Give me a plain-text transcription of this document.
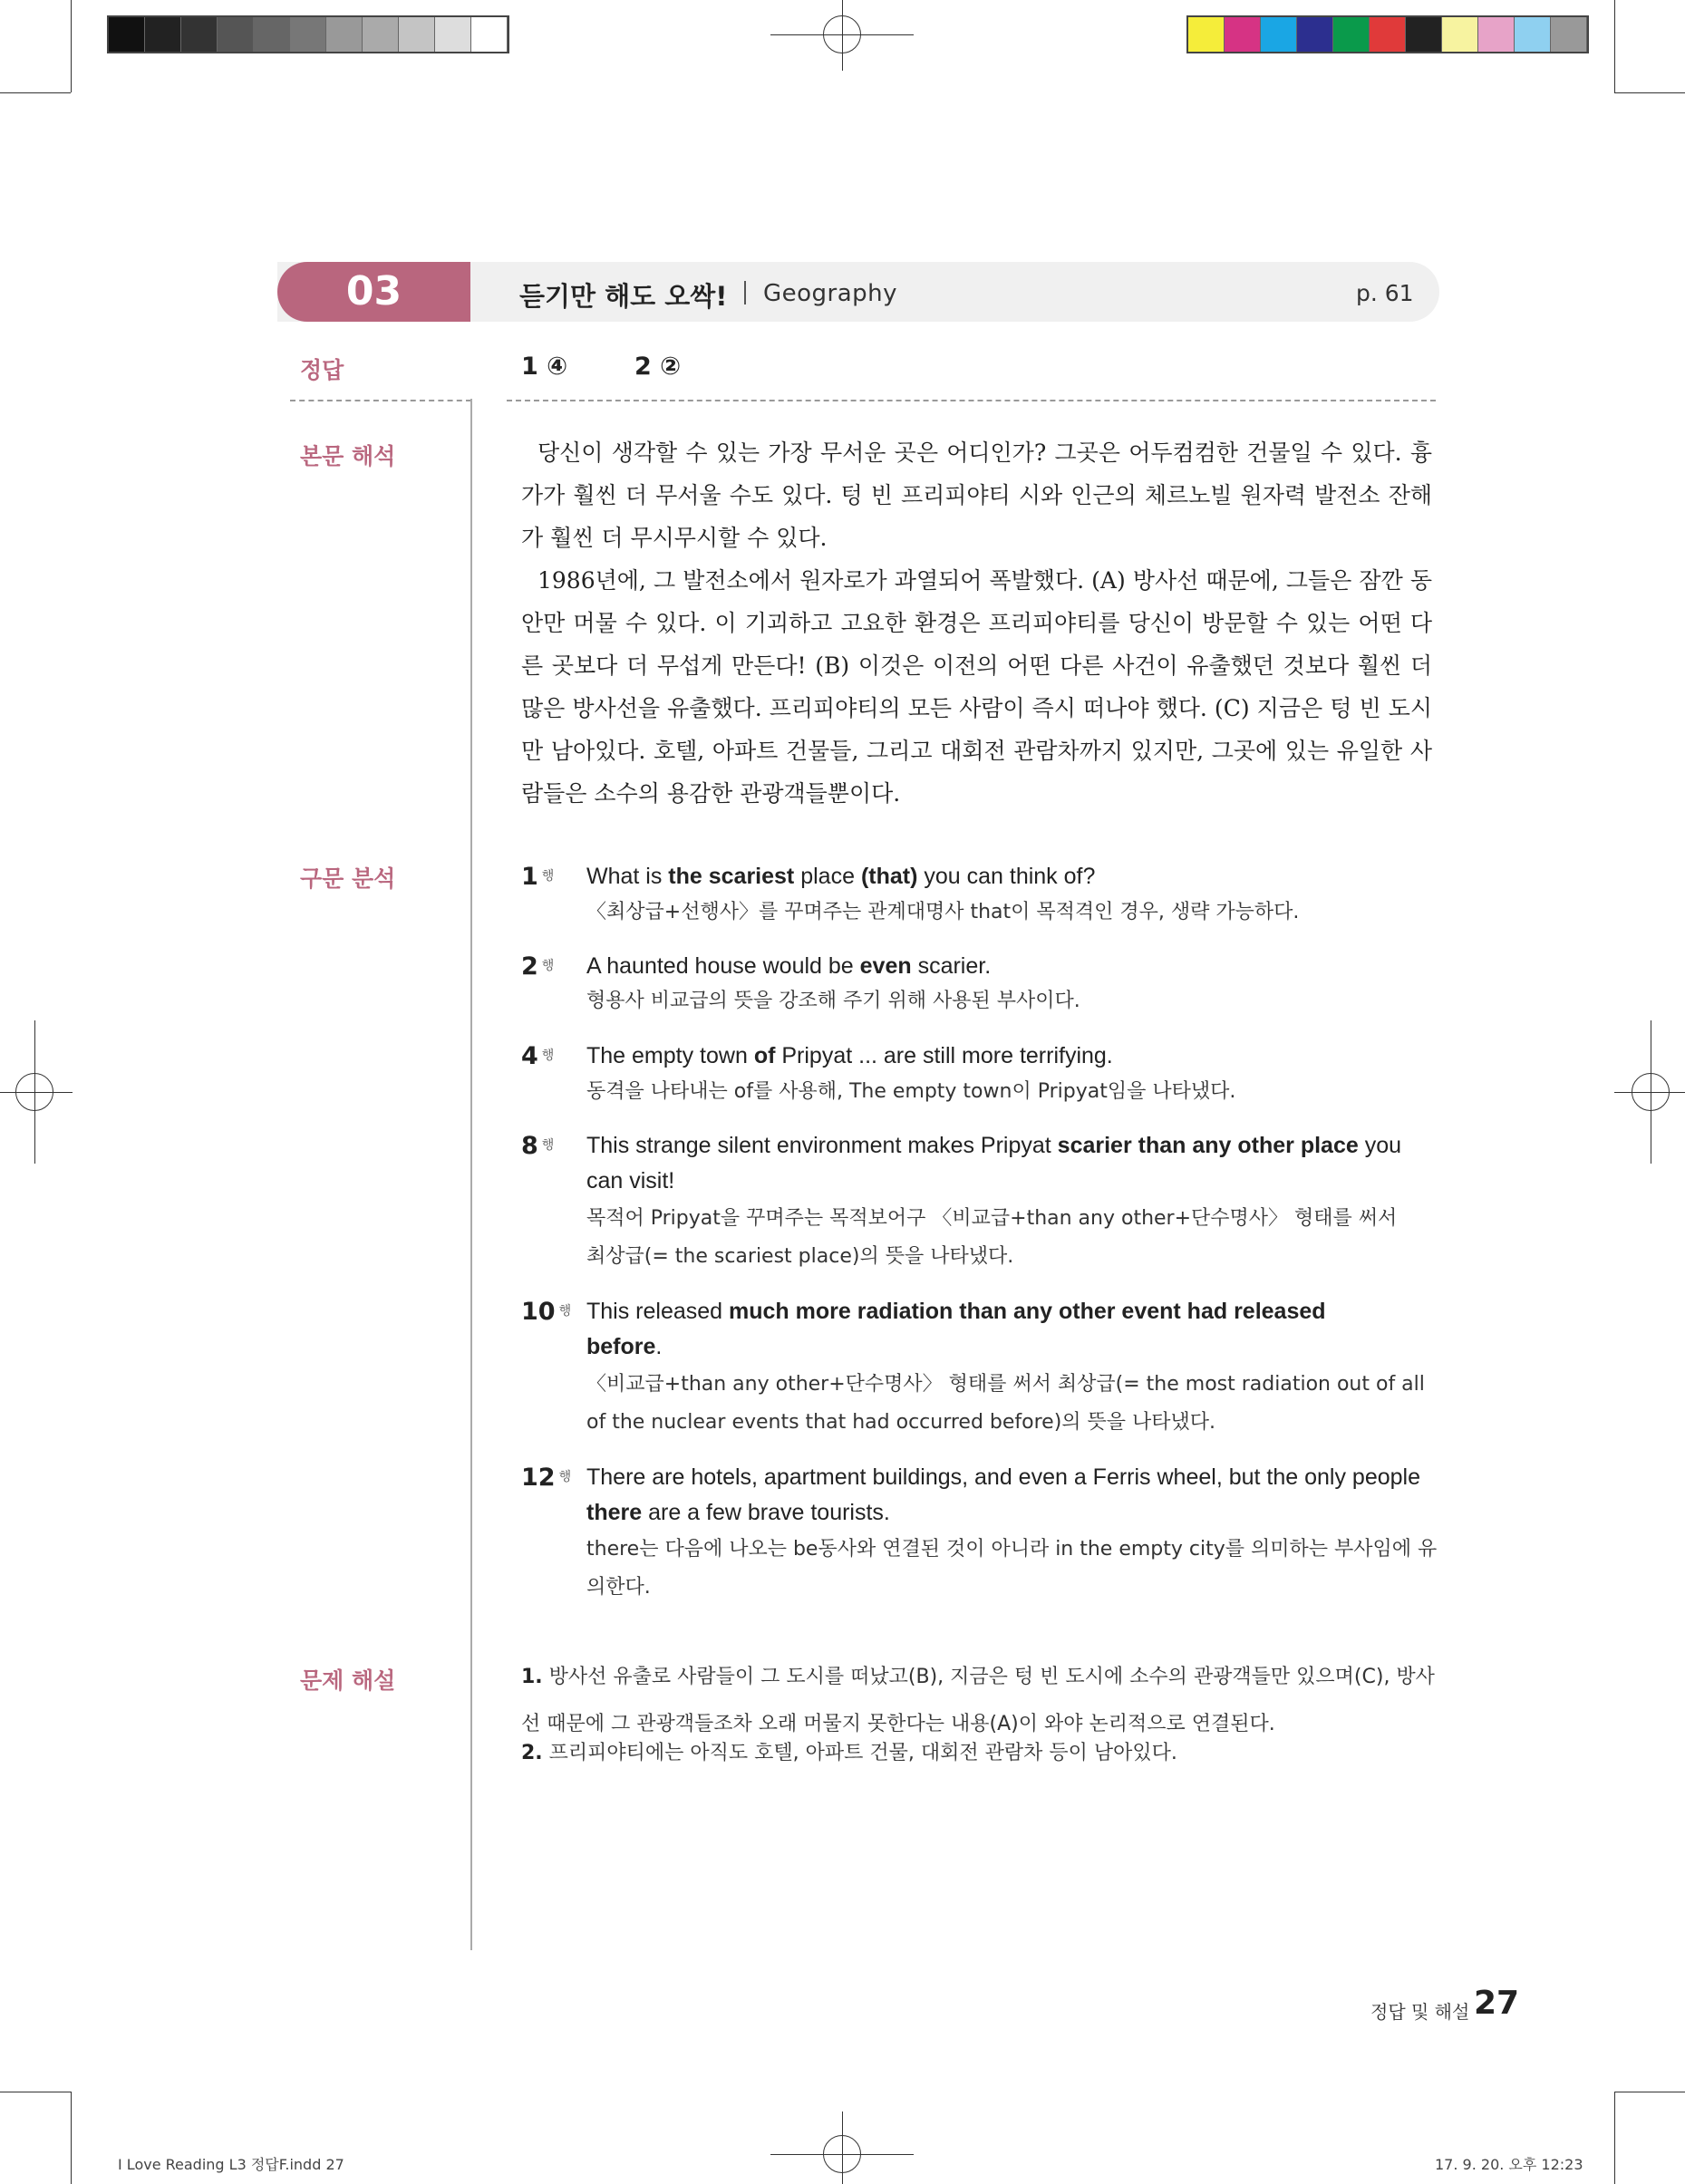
03	듣기만 해도 오싹! Geography	p. 61
정답
본문 해석
구문 분석
문제 해설
1 ④	2 ②

당신이 생각할 수 있는 가장 무서운 곳은 어디인가? 그곳은 어두컴컴한 건물일 수 있다. 흉가가 훨씬 더 무서울 수도 있다. 텅 빈 프리피야티 시와 인근의 체르노빌 원자력 발전소 잔해가 훨씬 더 무시무시할 수 있다.

1986년에, 그 발전소에서 원자로가 과열되어 폭발했다. (A) 방사선 때문에, 그들은 잠깐 동안만 머물 수 있다. 이 기괴하고 고요한 환경은 프리피야티를 당신이 방문할 수 있는 어떤 다른 곳보다 더 무섭게 만든다! (B) 이것은 이전의 어떤 다른 사건이 유출했던 것보다 훨씬 더 많은 방사선을 유출했다. 프리피야티의 모든 사람이 즉시 떠나야 했다. (C) 지금은 텅 빈 도시만 남아있다. 호텔, 아파트 건물들, 그리고 대회전 관람차까지 있지만, 그곳에 있는 유일한 사람들은 소수의 용감한 관광객들뿐이다.

1 $^행$ What is the scariest place (that) you can think of?
〈최상급+선행사〉를 꾸며주는 관계대명사 that이 목적격인 경우, 생략 가능하다.
2 $^행$ A haunted house would be even scarier.
형용사 비교급의 뜻을 강조해 주기 위해 사용된 부사이다.
4 $^행$ The empty town of Pripyat ... are still more terrifying.
동격을 나타내는 of를 사용해, The empty town이 Pripyat임을 나타냈다.
8 $^행$ This strange silent environment makes Pripyat scarier than any other place you can visit!
목적어 Pripyat을 꾸며주는 목적보어구 〈비교급+than any other+단수명사〉 형태를 써서 최상급(= the scariest place)의 뜻을 나타냈다.
10 $^행$ This released much more radiation than any other event had released before.
〈비교급+than any other+단수명사〉 형태를 써서 최상급(= the most radiation out of all of the nuclear events that had occurred before)의 뜻을 나타냈다.
12 $^행$ There are hotels, apartment buildings, and even a Ferris wheel, but the only people there are a few brave tourists.
there는 다음에 나오는 be동사와 연결된 것이 아니라 in the empty city를 의미하는 부사임에 유의한다.
1. 방사선 유출로 사람들이 그 도시를 떠났고(B), 지금은 텅 빈 도시에 소수의 관광객들만 있으며(C), 방사선 때문에 그 관광객들조차 오래 머물지 못한다는 내용(A)이 와야 논리적으로 연결된다.
2. 프리피야티에는 아직도 호텔, 아파트 건물, 대회전 관람차 등이 남아있다.
정답 및 해설 27
I Love Reading L3 정답F.indd 27	17. 9. 20. 오후 12:23
